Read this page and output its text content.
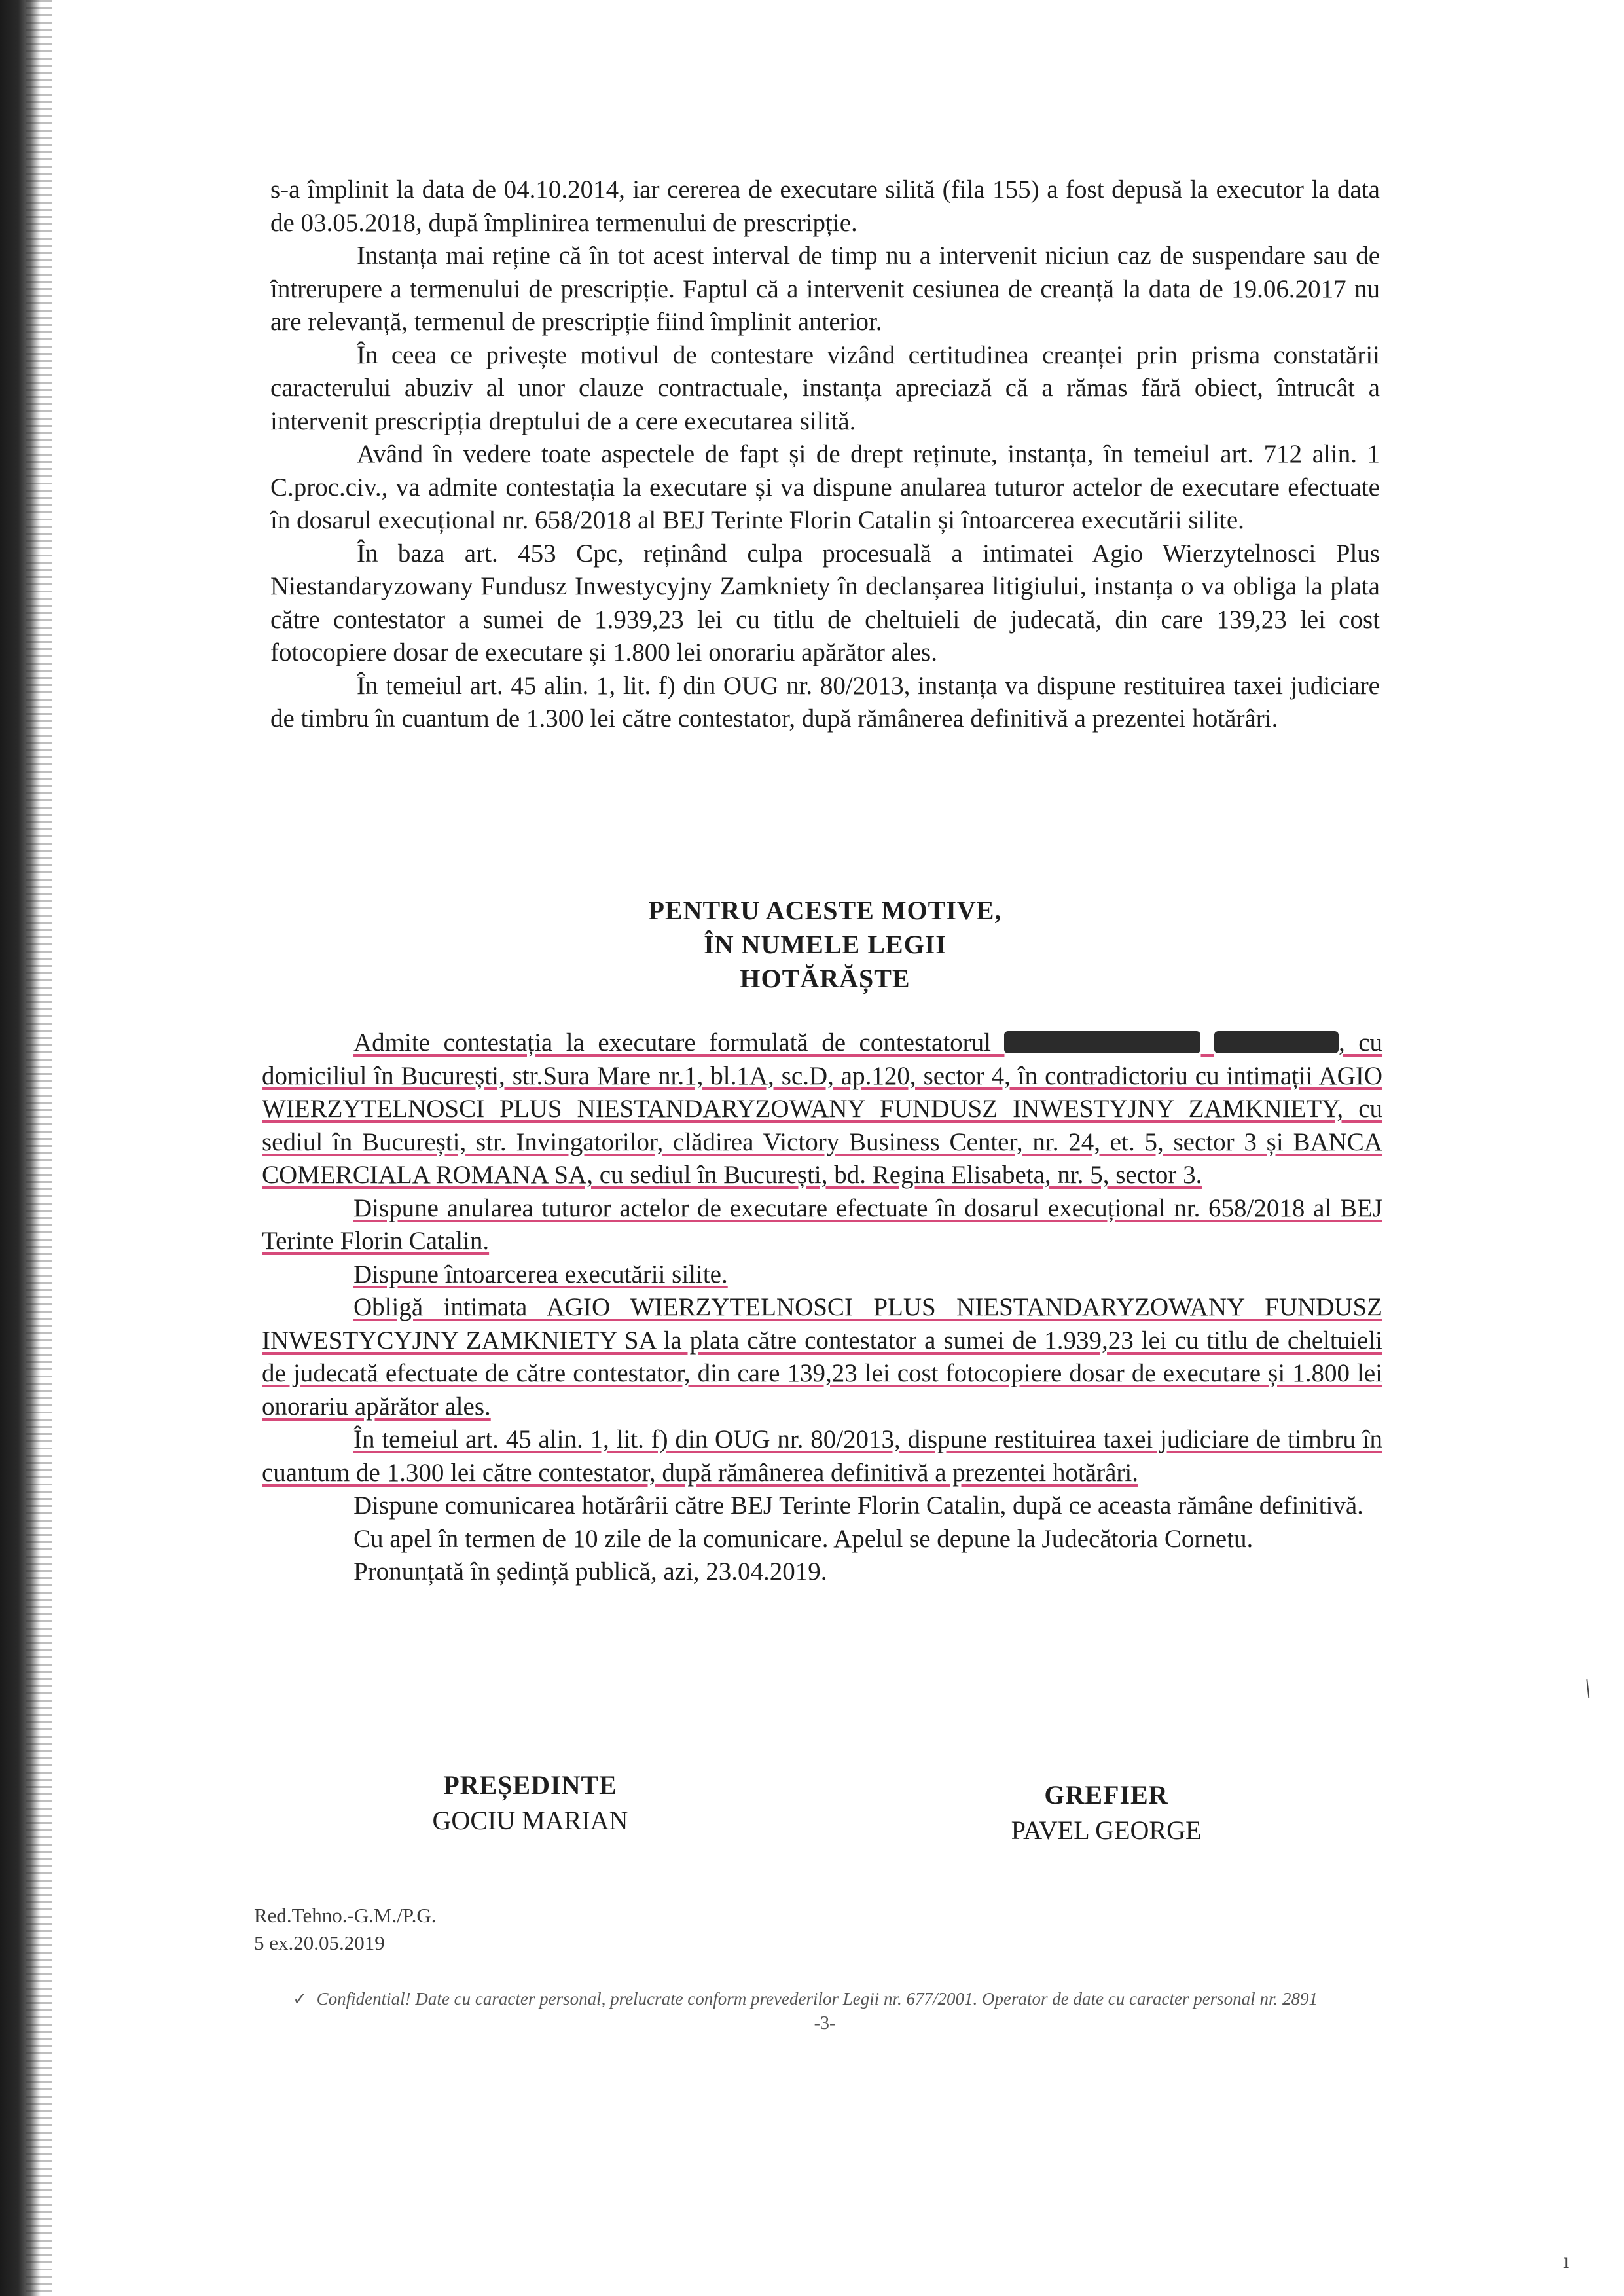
s-a împlinit la data de 04.10.2014, iar cererea de executare silită (fila 155) a fost depusă la executor la data de 03.05.2018, după împlinirea termenului de prescripție.

Instanța mai reține că în tot acest interval de timp nu a intervenit niciun caz de suspendare sau de întrerupere a termenului de prescripție. Faptul că a intervenit cesiunea de creanță la data de 19.06.2017 nu are relevanță, termenul de prescripție fiind împlinit anterior.

În ceea ce privește motivul de contestare vizând certitudinea creanței prin prisma constatării caracterului abuziv al unor clauze contractuale, instanța apreciază că a rămas fără obiect, întrucât a intervenit prescripția dreptului de a cere executarea silită.

Având în vedere toate aspectele de fapt și de drept reținute, instanța, în temeiul art. 712 alin. 1 C.proc.civ., va admite contestația la executare și va dispune anularea tuturor actelor de executare efectuate în dosarul execuțional nr. 658/2018 al BEJ Terinte Florin Catalin și întoarcerea executării silite.

În baza art. 453 Cpc, reținând culpa procesuală a intimatei Agio Wierzytelnosci Plus Niestandaryzowany Fundusz Inwestycyjny Zamkniety în declanșarea litigiului, instanța o va obliga la plata către contestator a sumei de 1.939,23 lei cu titlu de cheltuieli de judecată, din care 139,23 lei cost fotocopiere dosar de executare și 1.800 lei onorariu apărător ales.

În temeiul art. 45 alin. 1, lit. f) din OUG nr. 80/2013, instanța va dispune restituirea taxei judiciare de timbru în cuantum de 1.300 lei către contestator, după rămânerea definitivă a prezentei hotărâri.

PENTRU ACESTE MOTIVE,
ÎN NUMELE LEGII
HOTĂRĂȘTE

Admite contestația la executare formulată de contestatorul	, cu domiciliul în București, str.Sura Mare nr.1, bl.1A, sc.D, ap.120, sector 4, în contradictoriu cu intimații AGIO WIERZYTELNOSCI PLUS NIESTANDARYZOWANY FUNDUSZ INWESTYJNY ZAMKNIETY, cu sediul în București, str. Invingatorilor, clădirea Victory Business Center, nr. 24, et. 5, sector 3 și BANCA COMERCIALA ROMANA SA, cu sediul în București, bd. Regina Elisabeta, nr. 5, sector 3.

Dispune anularea tuturor actelor de executare efectuate în dosarul execuțional nr. 658/2018 al BEJ Terinte Florin Catalin.

Dispune întoarcerea executării silite.

Obligă intimata AGIO WIERZYTELNOSCI PLUS NIESTANDARYZOWANY FUNDUSZ INWESTYCYJNY ZAMKNIETY SA la plata către contestator a sumei de 1.939,23 lei cu titlu de cheltuieli de judecată efectuate de către contestator, din care 139,23 lei cost fotocopiere dosar de executare și 1.800 lei onorariu apărător ales.

În temeiul art. 45 alin. 1, lit. f) din OUG nr. 80/2013, dispune restituirea taxei judiciare de timbru în cuantum de 1.300 lei către contestator, după rămânerea definitivă a prezentei hotărâri.

Dispune comunicarea hotărârii către BEJ Terinte Florin Catalin, după ce aceasta rămâne definitivă.

Cu apel în termen de 10 zile de la comunicare. Apelul se depune la Judecătoria Cornetu.

Pronunțată în ședință publică, azi, 23.04.2019.

PREȘEDINTE
GOCIU MARIAN
GREFIER
PAVEL GEORGE
Red.Tehno.-G.M./P.G.
5 ex.20.05.2019
✓ Confidential! Date cu caracter personal, prelucrate conform prevederilor Legii nr. 677/2001. Operator de date cu caracter personal nr. 2891
-3-
/
ı
